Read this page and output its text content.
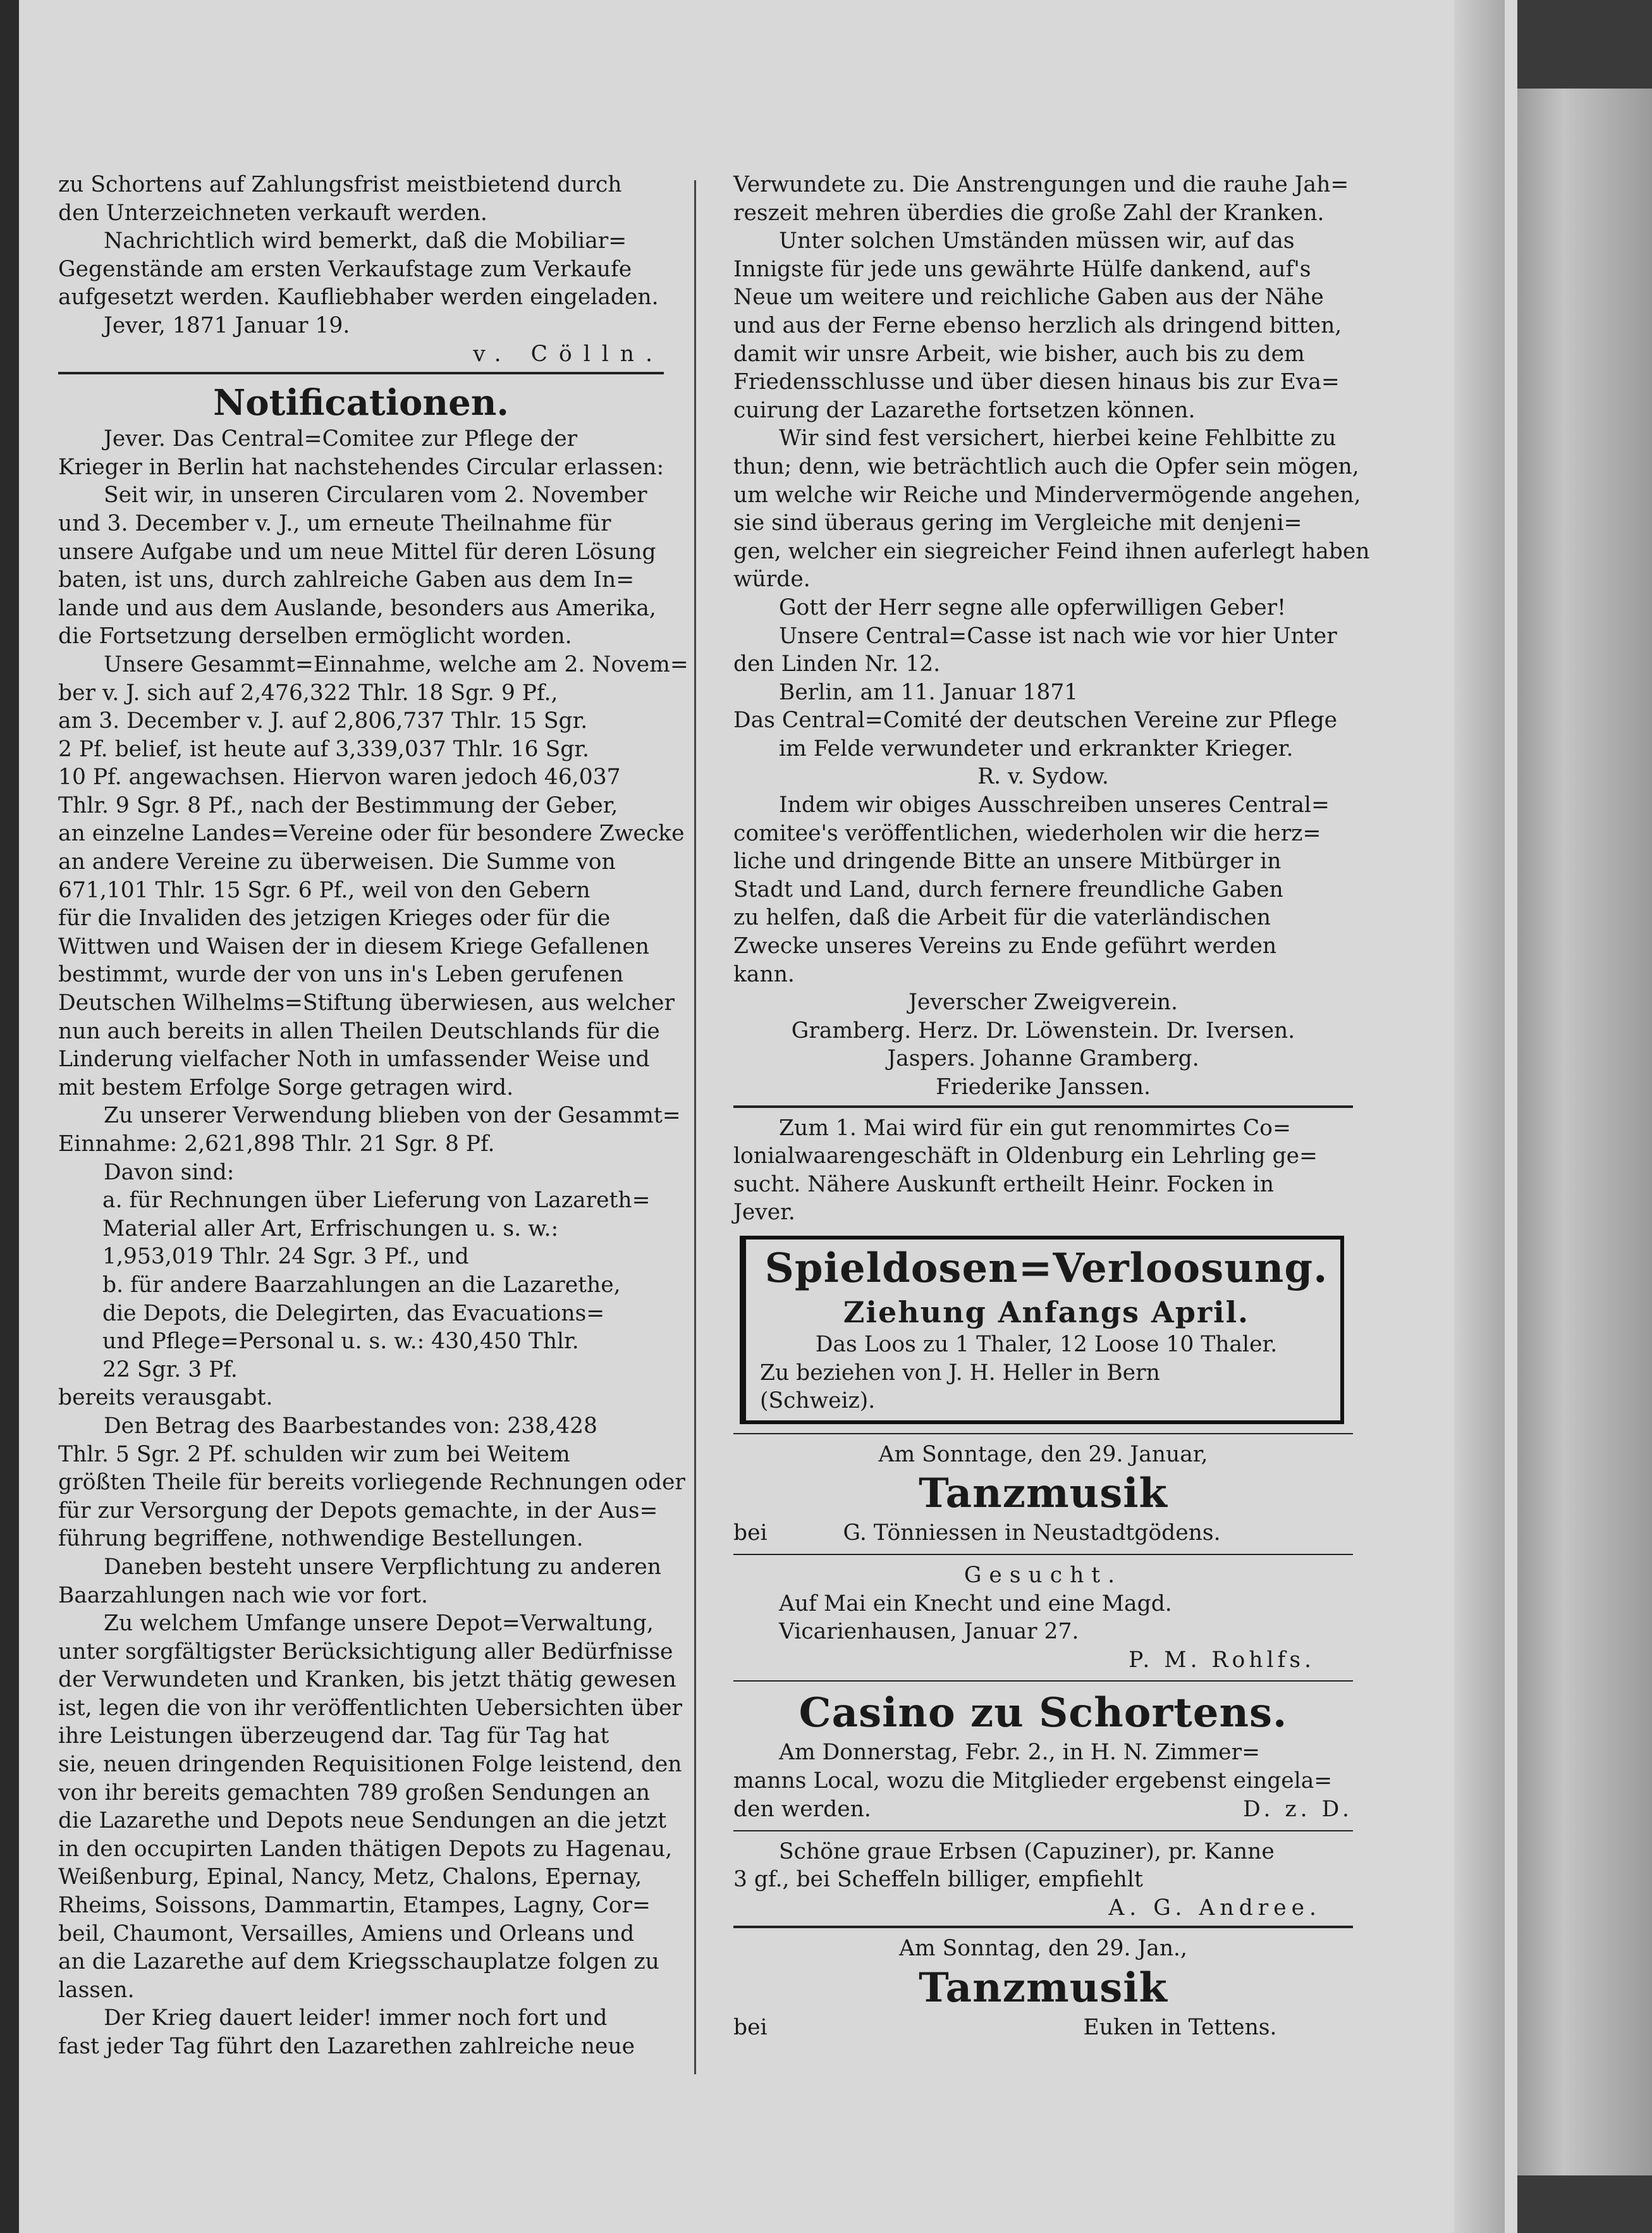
zu Schortens auf Zahlungsfrist meistbietend durch
den Unterzeichneten verkauft werden.
Nachrichtlich wird bemerkt, daß die Mobiliar=
Gegenstände am ersten Verkaufstage zum Verkaufe
aufgesetzt werden. Kaufliebhaber werden eingeladen.
Jever, 1871 Januar 19.

v. Cölln.
Notificationen.

Jever. Das Central=Comitee zur Pflege der
Krieger in Berlin hat nachstehendes Circular erlassen:
Seit wir, in unseren Circularen vom 2. November
und 3. December v. J., um erneute Theilnahme für
unsere Aufgabe und um neue Mittel für deren Lösung
baten, ist uns, durch zahlreiche Gaben aus dem In=
lande und aus dem Auslande, besonders aus Amerika,
die Fortsetzung derselben ermöglicht worden.
Unsere Gesammt=Einnahme, welche am 2. Novem=
ber v. J. sich auf 2,476,322 Thlr. 18 Sgr. 9 Pf.,
am 3. December v. J. auf 2,806,737 Thlr. 15 Sgr.
2 Pf. belief, ist heute auf 3,339,037 Thlr. 16 Sgr.
10 Pf. angewachsen. Hiervon waren jedoch 46,037
Thlr. 9 Sgr. 8 Pf., nach der Bestimmung der Geber,
an einzelne Landes=Vereine oder für besondere Zwecke
an andere Vereine zu überweisen. Die Summe von
671,101 Thlr. 15 Sgr. 6 Pf., weil von den Gebern
für die Invaliden des jetzigen Krieges oder für die
Wittwen und Waisen der in diesem Kriege Gefallenen
bestimmt, wurde der von uns in's Leben gerufenen
Deutschen Wilhelms=Stiftung überwiesen, aus welcher
nun auch bereits in allen Theilen Deutschlands für die
Linderung vielfacher Noth in umfassender Weise und
mit bestem Erfolge Sorge getragen wird.
Zu unserer Verwendung blieben von der Gesammt=
Einnahme: 2,621,898 Thlr. 21 Sgr. 8 Pf.
Davon sind:

a. für Rechnungen über Lieferung von Lazareth=
Material aller Art, Erfrischungen u. s. w.:
1,953,019 Thlr. 24 Sgr. 3 Pf., und

b. für andere Baarzahlungen an die Lazarethe,
die Depots, die Delegirten, das Evacuations=
und Pflege=Personal u. s. w.: 430,450 Thlr.
22 Sgr. 3 Pf.

bereits verausgabt.
Den Betrag des Baarbestandes von: 238,428
Thlr. 5 Sgr. 2 Pf. schulden wir zum bei Weitem
größten Theile für bereits vorliegende Rechnungen oder
für zur Versorgung der Depots gemachte, in der Aus=
führung begriffene, nothwendige Bestellungen.
Daneben besteht unsere Verpflichtung zu anderen
Baarzahlungen nach wie vor fort.
Zu welchem Umfange unsere Depot=Verwaltung,
unter sorgfältigster Berücksichtigung aller Bedürfnisse
der Verwundeten und Kranken, bis jetzt thätig gewesen
ist, legen die von ihr veröffentlichten Uebersichten über
ihre Leistungen überzeugend dar. Tag für Tag hat
sie, neuen dringenden Requisitionen Folge leistend, den
von ihr bereits gemachten 789 großen Sendungen an
die Lazarethe und Depots neue Sendungen an die jetzt
in den occupirten Landen thätigen Depots zu Hagenau,
Weißenburg, Epinal, Nancy, Metz, Chalons, Epernay,
Rheims, Soissons, Dammartin, Etampes, Lagny, Cor=
beil, Chaumont, Versailles, Amiens und Orleans und
an die Lazarethe auf dem Kriegsschauplatze folgen zu
lassen.
Der Krieg dauert leider! immer noch fort und
fast jeder Tag führt den Lazarethen zahlreiche neue

Verwundete zu. Die Anstrengungen und die rauhe Jah=
reszeit mehren überdies die große Zahl der Kranken.
Unter solchen Umständen müssen wir, auf das
Innigste für jede uns gewährte Hülfe dankend, auf's
Neue um weitere und reichliche Gaben aus der Nähe
und aus der Ferne ebenso herzlich als dringend bitten,
damit wir unsre Arbeit, wie bisher, auch bis zu dem
Friedensschlusse und über diesen hinaus bis zur Eva=
cuirung der Lazarethe fortsetzen können.
Wir sind fest versichert, hierbei keine Fehlbitte zu
thun; denn, wie beträchtlich auch die Opfer sein mögen,
um welche wir Reiche und Mindervermögende angehen,
sie sind überaus gering im Vergleiche mit denjeni=
gen, welcher ein siegreicher Feind ihnen auferlegt haben
würde.
Gott der Herr segne alle opferwilligen Geber!
Unsere Central=Casse ist nach wie vor hier Unter
den Linden Nr. 12.
Berlin, am 11. Januar 1871
Das Central=Comité der deutschen Vereine zur Pflege
im Felde verwundeter und erkrankter Krieger.
R. v. Sydow.
Indem wir obiges Ausschreiben unseres Central=
comitee's veröffentlichen, wiederholen wir die herz=
liche und dringende Bitte an unsere Mitbürger in
Stadt und Land, durch fernere freundliche Gaben
zu helfen, daß die Arbeit für die vaterländischen
Zwecke unseres Vereins zu Ende geführt werden
kann.

Jeverscher Zweigverein.
Gramberg. Herz. Dr. Löwenstein. Dr. Iversen.
Jaspers. Johanne Gramberg.
Friederike Janssen.

Zum 1. Mai wird für ein gut renommirtes Co=
lonialwaarengeschäft in Oldenburg ein Lehrling ge=
sucht. Nähere Auskunft ertheilt Heinr. Focken in
Jever.

Spieldosen=Verloosung.
Ziehung Anfangs April.

Das Loos zu 1 Thaler, 12 Loose 10 Thaler.
Zu beziehen von J. H. Heller in Bern
(Schweiz).

Am Sonntage, den 29. Januar,

Tanzmusik

bei	G. Tönniessen in Neustadtgödens.

Gesucht.

Auf Mai ein Knecht und eine Magd.
Vicarienhausen, Januar 27.

P. M. Rohlfs.
Casino zu Schortens.

Am Donnerstag, Febr. 2., in H. N. Zimmer=
manns Local, wozu die Mitglieder ergebenst eingela=
den werden.	D. z. D.

Schöne graue Erbsen (Capuziner), pr. Kanne
3 gf., bei Scheffeln billiger, empfiehlt

A. G. Andree.

Am Sonntag, den 29. Jan.,

Tanzmusik

bei	Euken in Tettens.
